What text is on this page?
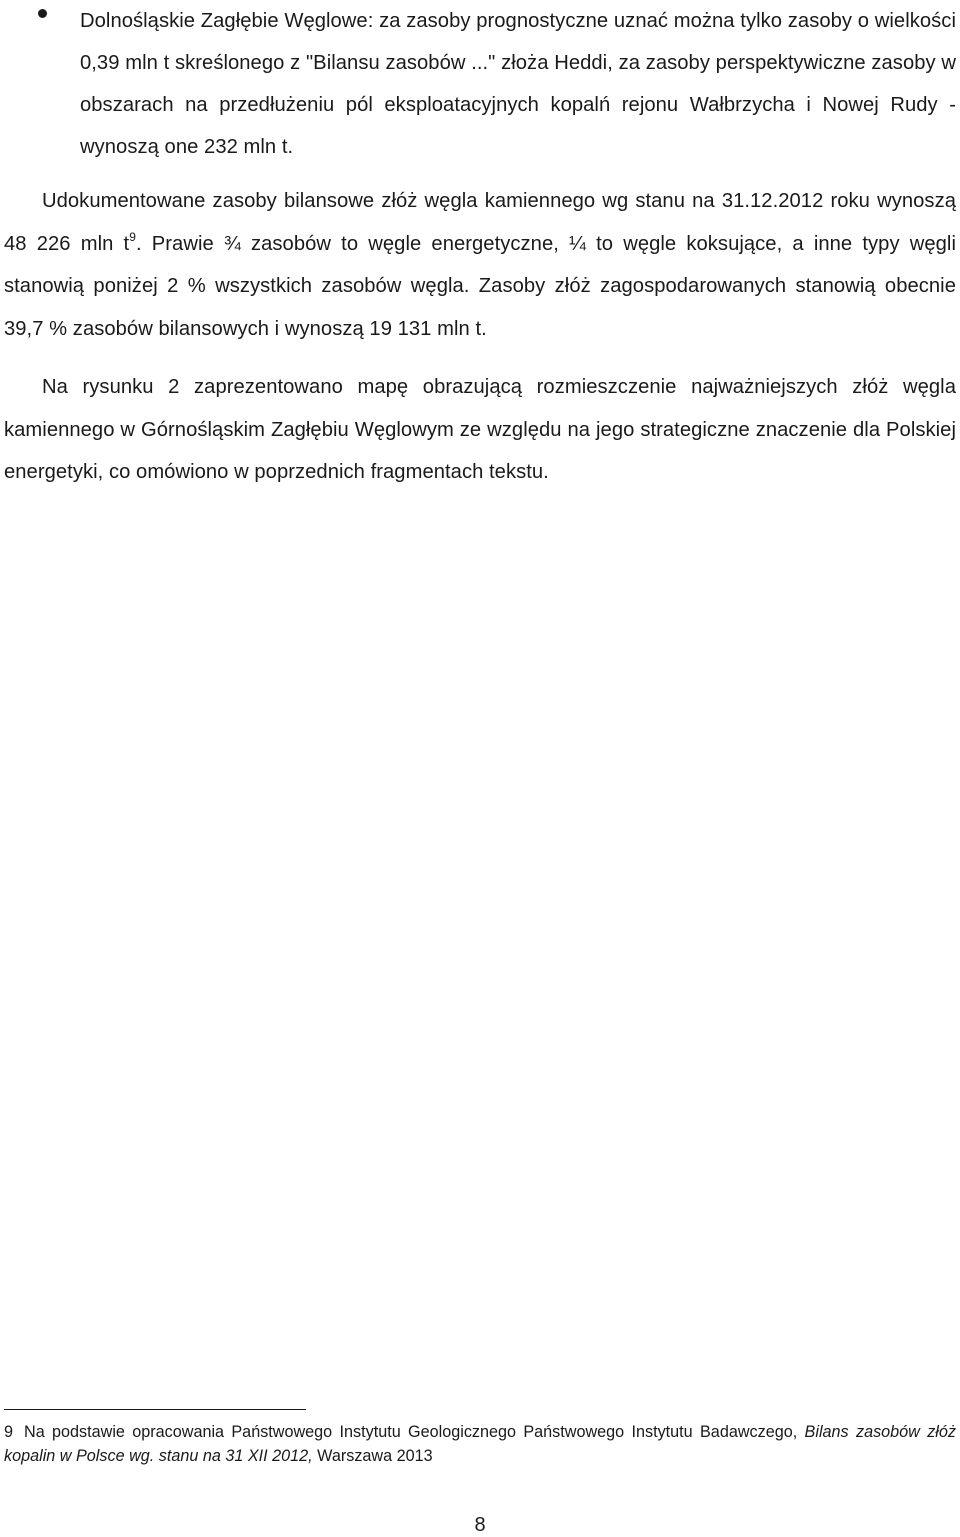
Dolnośląskie Zagłębie Węglowe: za zasoby prognostyczne uznać można tylko zasoby o wielkości 0,39 mln t skreślonego z "Bilansu zasobów ..." złoża Heddi, za zasoby perspektywiczne zasoby w obszarach na przedłużeniu pól eksploatacyjnych kopalń rejonu Wałbrzycha i Nowej Rudy - wynoszą one 232 mln t.

Udokumentowane zasoby bilansowe złóż węgla kamiennego wg stanu na 31.12.2012 roku wynoszą 48 226 mln t$^9$. Prawie ¾ zasobów to węgle energetyczne, ¼ to węgle koksujące, a inne typy węgli stanowią poniżej 2 % wszystkich zasobów węgla. Zasoby złóż zagospodarowanych stanowią obecnie 39,7 % zasobów bilansowych i wynoszą 19 131 mln t.

Na rysunku 2 zaprezentowano mapę obrazującą rozmieszczenie najważniejszych złóż węgla kamiennego w Górnośląskim Zagłębiu Węglowym ze względu na jego strategiczne znaczenie dla Polskiej energetyki, co omówiono w poprzednich fragmentach tekstu.

9 Na podstawie opracowania Państwowego Instytutu Geologicznego Państwowego Instytutu Badawczego, Bilans zasobów złóż kopalin w Polsce wg. stanu na 31 XII 2012, Warszawa 2013

8
